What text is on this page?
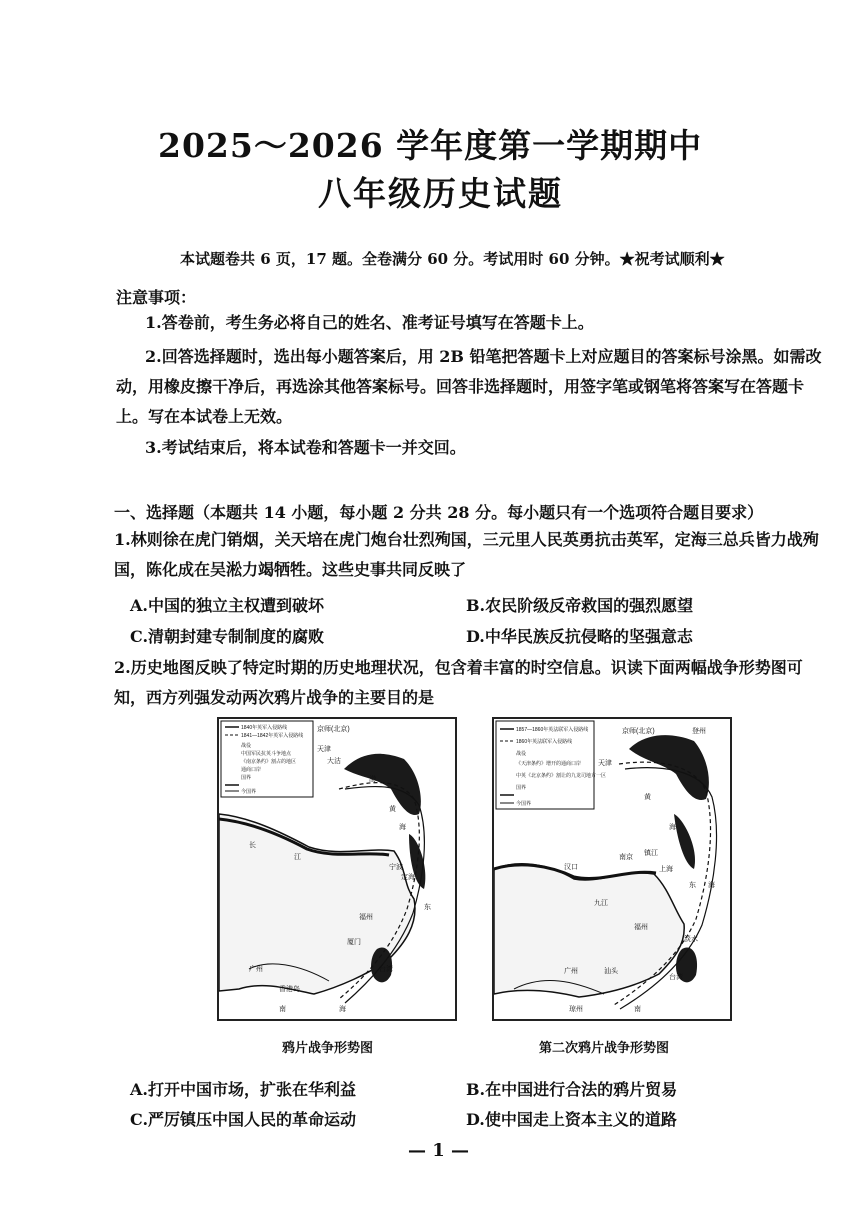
2025～2026 学年度第一学期期中
八年级历史试题
本试题卷共 6 页，17 题。全卷满分 60 分。考试用时 60 分钟。★祝考试顺利★
注意事项：
1.答卷前，考生务必将自己的姓名、准考证号填写在答题卡上。
2.回答选择题时，选出每小题答案后，用 2B 铅笔把答题卡上对应题目的答案标号涂黑。如需改动，用橡皮擦干净后，再选涂其他答案标号。回答非选择题时，用签字笔或钢笔将答案写在答题卡上。写在本试卷上无效。
3.考试结束后，将本试卷和答题卡一并交回。
一、选择题（本题共 14 小题，每小题 2 分共 28 分。每小题只有一个选项符合题目要求）
1.林则徐在虎门销烟，关天培在虎门炮台壮烈殉国，三元里人民英勇抗击英军，定海三总兵皆力战殉国，陈化成在吴淞力竭牺牲。这些史事共同反映了
A.中国的独立主权遭到破坏	B.农民阶级反帝救国的强烈愿望
C.清朝封建专制制度的腐败	D.中华民族反抗侵略的坚强意志
2.历史地图反映了特定时期的历史地理状况，包含着丰富的时空信息。识读下面两幅战争形势图可知，西方列强发动两次鸦片战争的主要目的是
1840年英军入侵路线
1841—1842年英军入侵路线
战役
中国军民抗英斗争地点
《南京条约》割占的地区
通商口岸
国界
今国界
京师(北京)
天津
大沽
黄
渤
海
长
江
宁波
定海
厦门
福州
广州
香港岛
台湾
南	海
东
鸦片战争形势图
1857—1860年英法联军入侵路线
1860年英法联军入侵路线
战役
《天津条约》增开的通商口岸
中英《北京条约》割让的九龙司地方一区
国界
今国界
京师(北京)
天津
登州
黄
海
汉口
九江
南京
镇江
上海
东 海
福州
淡水
台湾
广州	汕头
琼州	南
第二次鸦片战争形势图
A.打开中国市场，扩张在华利益	B.在中国进行合法的鸦片贸易
C.严厉镇压中国人民的革命运动	D.使中国走上资本主义的道路
— 1 —
